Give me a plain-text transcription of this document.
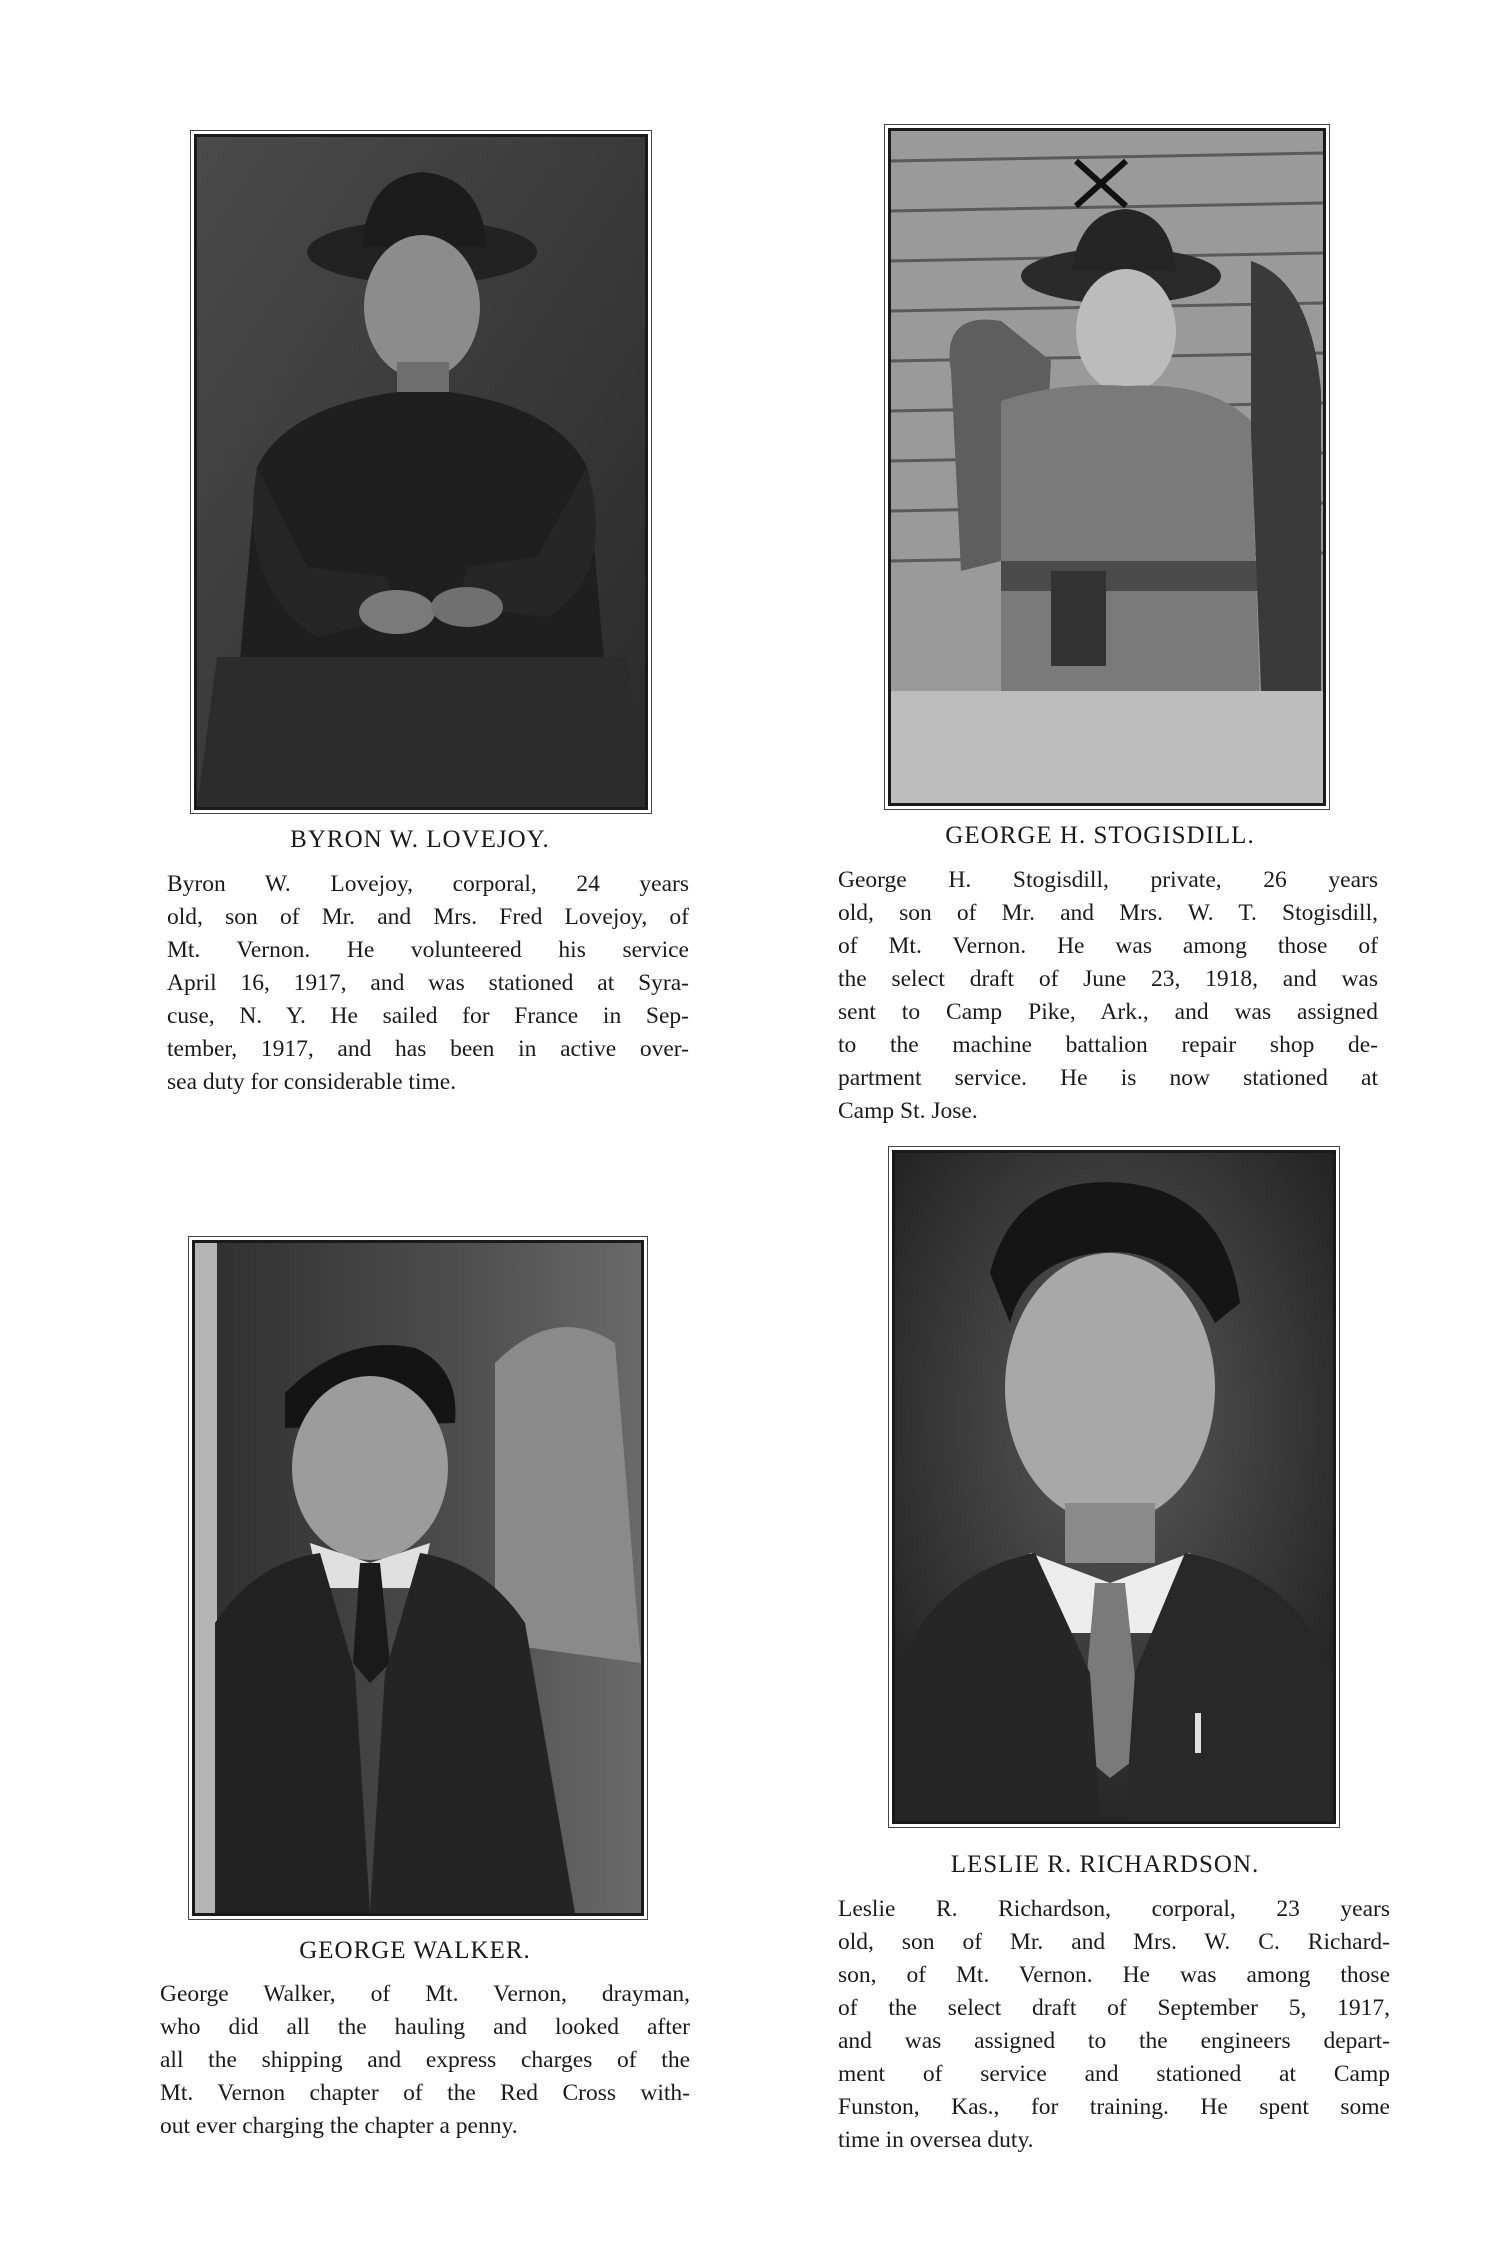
BYRON W. LOVEJOY.
Byron W. Lovejoy, corporal, 24 years
old, son of Mr. and Mrs. Fred Lovejoy, of
Mt. Vernon. He volunteered his service
April 16, 1917, and was stationed at Syra-
cuse, N. Y. He sailed for France in Sep-
tember, 1917, and has been in active over-
sea duty for considerable time.
GEORGE H. STOGISDILL.
George H. Stogisdill, private, 26 years
old, son of Mr. and Mrs. W. T. Stogisdill,
of Mt. Vernon. He was among those of
the select draft of June 23, 1918, and was
sent to Camp Pike, Ark., and was assigned
to the machine battalion repair shop de-
partment service. He is now stationed at
Camp St. Jose.
GEORGE WALKER.
George Walker, of Mt. Vernon, drayman,
who did all the hauling and looked after
all the shipping and express charges of the
Mt. Vernon chapter of the Red Cross with-
out ever charging the chapter a penny.
LESLIE R. RICHARDSON.
Leslie R. Richardson, corporal, 23 years
old, son of Mr. and Mrs. W. C. Richard-
son, of Mt. Vernon. He was among those
of the select draft of September 5, 1917,
and was assigned to the engineers depart-
ment of service and stationed at Camp
Funston, Kas., for training. He spent some
time in oversea duty.
